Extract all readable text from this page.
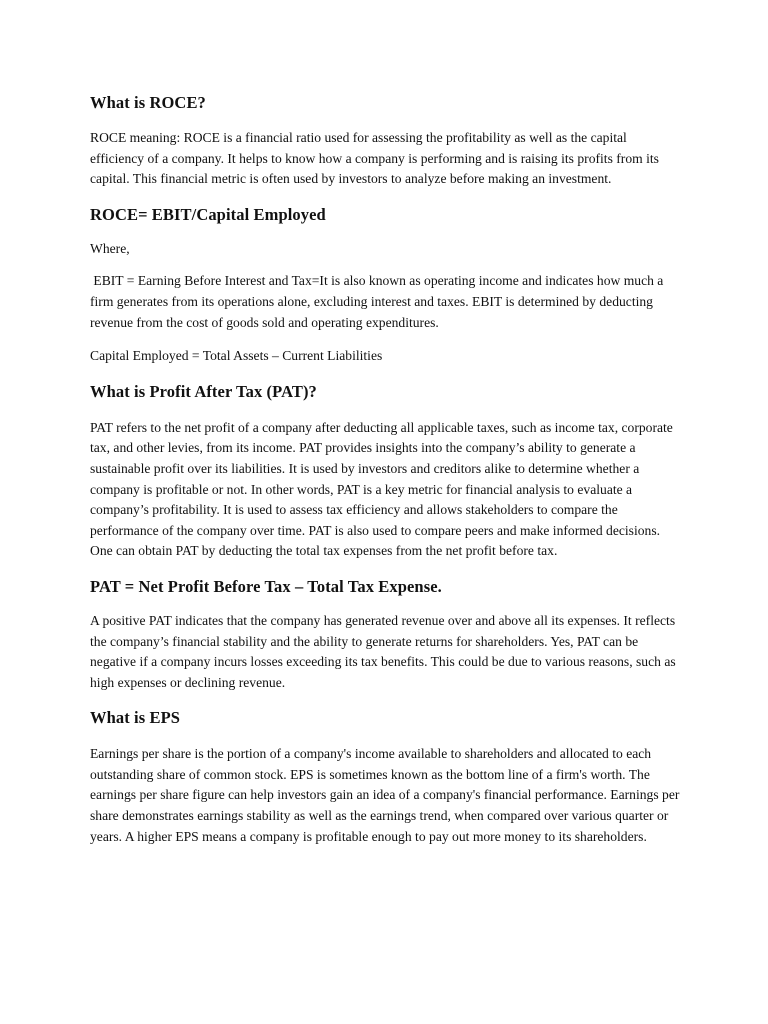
What is ROCE?

ROCE meaning: ROCE is a financial ratio used for assessing the profitability as well as the capital efficiency of a company. It helps to know how a company is performing and is raising its profits from its capital. This financial metric is often used by investors to analyze before making an investment.

ROCE= EBIT/Capital Employed

Where,

EBIT = Earning Before Interest and Tax=It is also known as operating income and indicates how much a firm generates from its operations alone, excluding interest and taxes. EBIT is determined by deducting revenue from the cost of goods sold and operating expenditures.

Capital Employed = Total Assets – Current Liabilities

What is Profit After Tax (PAT)?

PAT refers to the net profit of a company after deducting all applicable taxes, such as income tax, corporate tax, and other levies, from its income. PAT provides insights into the company’s ability to generate a sustainable profit over its liabilities. It is used by investors and creditors alike to determine whether a company is profitable or not. In other words, PAT is a key metric for financial analysis to evaluate a company’s profitability. It is used to assess tax efficiency and allows stakeholders to compare the performance of the company over time. PAT is also used to compare peers and make informed decisions. One can obtain PAT by deducting the total tax expenses from the net profit before tax.

PAT = Net Profit Before Tax – Total Tax Expense.

A positive PAT indicates that the company has generated revenue over and above all its expenses. It reflects the company’s financial stability and the ability to generate returns for shareholders. Yes, PAT can be negative if a company incurs losses exceeding its tax benefits. This could be due to various reasons, such as high expenses or declining revenue.

What is EPS

Earnings per share is the portion of a company's income available to shareholders and allocated to each outstanding share of common stock. EPS is sometimes known as the bottom line of a firm's worth. The earnings per share figure can help investors gain an idea of a company's financial performance. Earnings per share demonstrates earnings stability as well as the earnings trend, when compared over various quarter or years. A higher EPS means a company is profitable enough to pay out more money to its shareholders.
